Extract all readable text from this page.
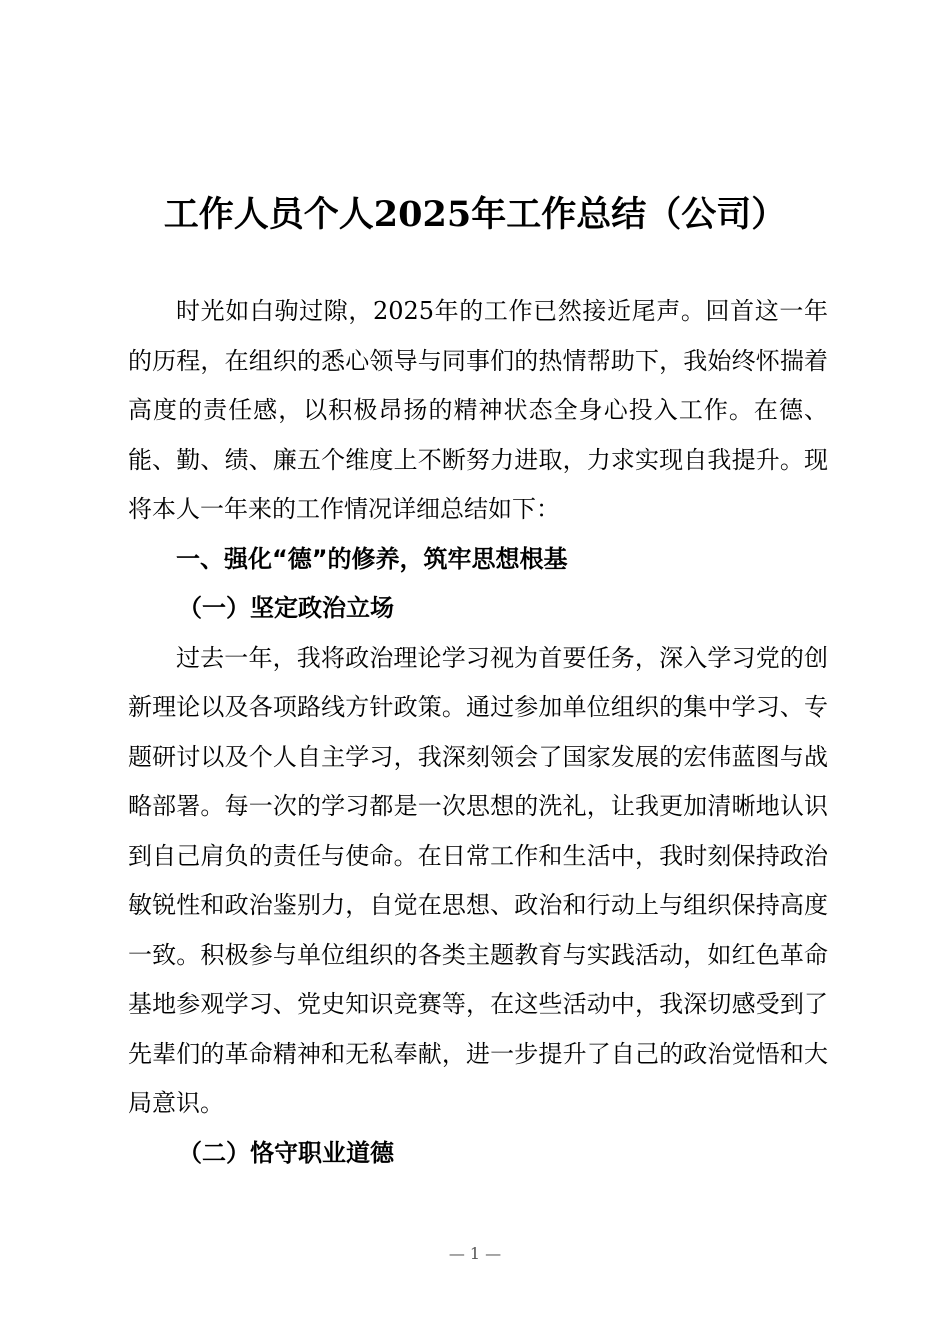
工作人员个人2025年工作总结（公司）

时光如白驹过隙，2025年的工作已然接近尾声。回首这一年的历程，在组织的悉心领导与同事们的热情帮助下，我始终怀揣着高度的责任感，以积极昂扬的精神状态全身心投入工作。在德、能、勤、绩、廉五个维度上不断努力进取，力求实现自我提升。现将本人一年来的工作情况详细总结如下：

一、强化“德”的修养，筑牢思想根基

（一）坚定政治立场

过去一年，我将政治理论学习视为首要任务，深入学习党的创新理论以及各项路线方针政策。通过参加单位组织的集中学习、专题研讨以及个人自主学习，我深刻领会了国家发展的宏伟蓝图与战略部署。每一次的学习都是一次思想的洗礼，让我更加清晰地认识到自己肩负的责任与使命。在日常工作和生活中，我时刻保持政治敏锐性和政治鉴别力，自觉在思想、政治和行动上与组织保持高度一致。积极参与单位组织的各类主题教育与实践活动，如红色革命基地参观学习、党史知识竞赛等，在这些活动中，我深切感受到了先辈们的革命精神和无私奉献，进一步提升了自己的政治觉悟和大局意识。

（二）恪守职业道德

— 1 —
